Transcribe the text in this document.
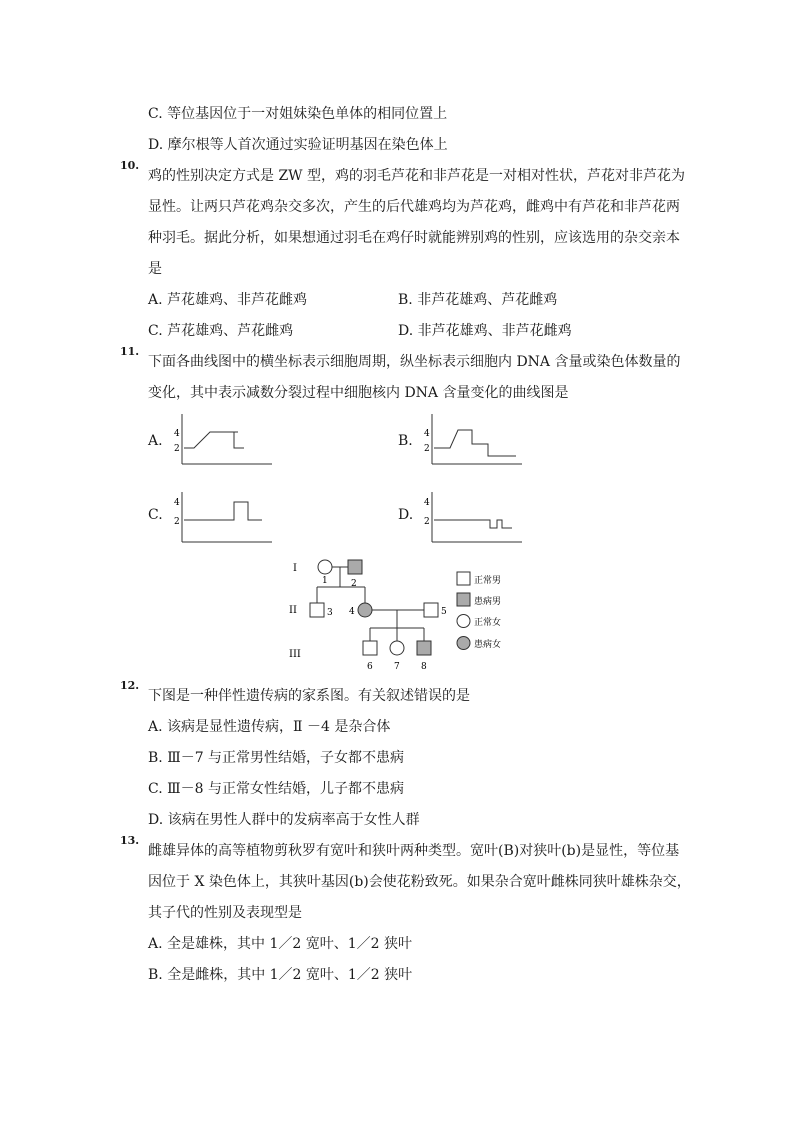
C. 等位基因位于一对姐妹染色单体的相同位置上
D. 摩尔根等人首次通过实验证明基因在染色体上
10.
鸡的性别决定方式是 ZW 型，鸡的羽毛芦花和非芦花是一对相对性状，芦花对非芦花为
显性。让两只芦花鸡杂交多次，产生的后代雄鸡均为芦花鸡，雌鸡中有芦花和非芦花两
种羽毛。据此分析，如果想通过羽毛在鸡仔时就能辨别鸡的性别，应该选用的杂交亲本
是
A. 芦花雄鸡、非芦花雌鸡	B. 非芦花雄鸡、芦花雌鸡
C. 芦花雄鸡、芦花雌鸡	D. 非芦花雄鸡、非芦花雌鸡
11.
下面各曲线图中的横坐标表示细胞周期，纵坐标表示细胞内 DNA 含量或染色体数量的
变化，其中表示减数分裂过程中细胞核内 DNA 含量变化的曲线图是
A.	B.
C.	D.
4
2
4
2
4
2
4
2
I
II
III
1	2
3 4	5
6 7 8
正常男
患病男
正常女
患病女
12.
下图是一种伴性遗传病的家系图。有关叙述错误的是
A. 该病是显性遗传病，Ⅱ －4 是杂合体
B. Ⅲ－7 与正常男性结婚，子女都不患病
C. Ⅲ－8 与正常女性结婚，儿子都不患病
D. 该病在男性人群中的发病率高于女性人群
13.
雌雄异体的高等植物剪秋罗有宽叶和狭叶两种类型。宽叶(B)对狭叶(b)是显性，等位基
因位于 X 染色体上，其狭叶基因(b)会使花粉致死。如果杂合宽叶雌株同狭叶雄株杂交，
其子代的性别及表现型是
A. 全是雄株，其中 1／2 宽叶、1／2 狭叶
B. 全是雌株，其中 1／2 宽叶、1／2 狭叶
